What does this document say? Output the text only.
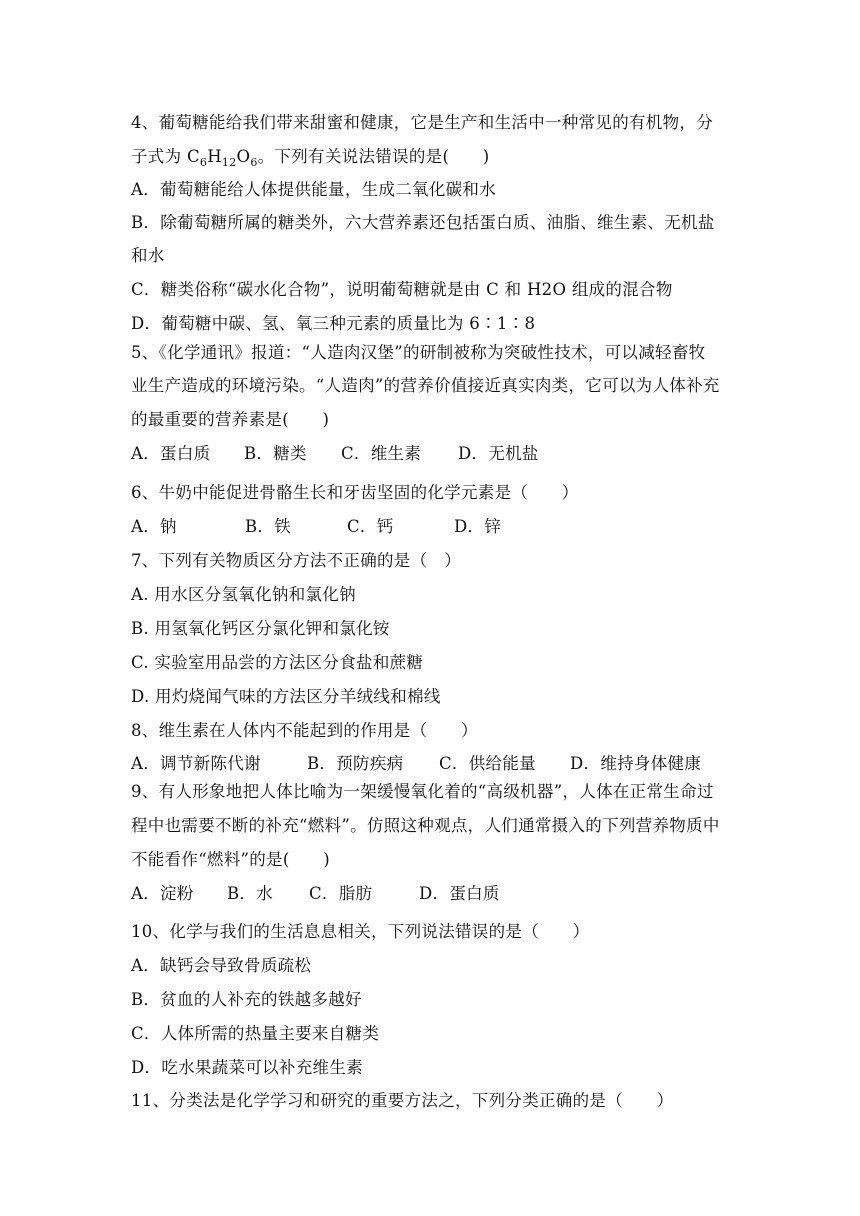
4、葡萄糖能给我们带来甜蜜和健康，它是生产和生活中一种常见的有机物，分
子式为 $C_6H_{12}O_6$。下列有关说法错误的是(　　)
A．葡萄糖能给人体提供能量，生成二氧化碳和水
B．除葡萄糖所属的糖类外，六大营养素还包括蛋白质、油脂、维生素、无机盐
和水
C．糖类俗称“碳水化合物”，说明葡萄糖就是由 C 和 H2O 组成的混合物
D．葡萄糖中碳、氢、氧三种元素的质量比为 6∶1∶8
5、《化学通讯》报道：“人造肉汉堡”的研制被称为突破性技术，可以减轻畜牧
业生产造成的环境污染。“人造肉”的营养价值接近真实肉类，它可以为人体补充
的最重要的营养素是(　　)
A．蛋白质 B．糖类 C．维生素 D．无机盐
6、牛奶中能促进骨骼生长和牙齿坚固的化学元素是（　　）
A．钠	B．铁	C．钙	D．锌
7、下列有关物质区分方法不正确的是（　）
A. 用水区分氢氧化钠和氯化钠
B. 用氢氧化钙区分氯化钾和氯化铵
C. 实验室用品尝的方法区分食盐和蔗糖
D. 用灼烧闻气味的方法区分羊绒线和棉线
8、维生素在人体内不能起到的作用是（　　）
A．调节新陈代谢	B．预防疾病 C．供给能量 D．维持身体健康
9、有人形象地把人体比喻为一架缓慢氧化着的“高级机器”，人体在正常生命过
程中也需要不断的补充“燃料”。仿照这种观点，人们通常摄入的下列营养物质中
不能看作“燃料”的是(　　)
A．淀粉 B．水 C．脂肪	D．蛋白质
10、化学与我们的生活息息相关，下列说法错误的是（　　）
A．缺钙会导致骨质疏松
B．贫血的人补充的铁越多越好
C．人体所需的热量主要来自糖类
D．吃水果蔬菜可以补充维生素
11、分类法是化学学习和研究的重要方法之，下列分类正确的是（　　）
